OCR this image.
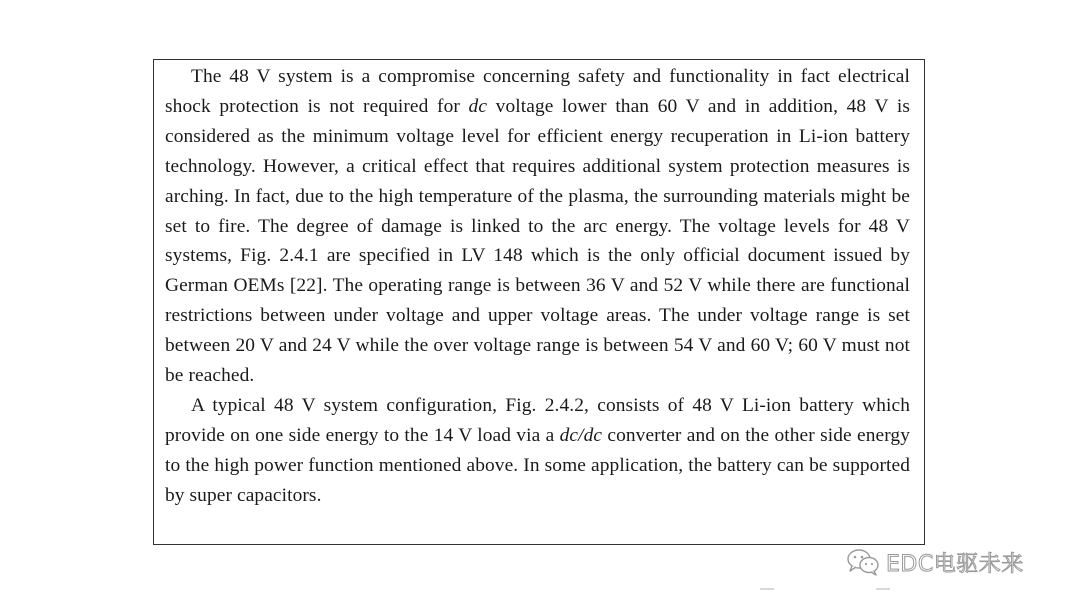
The 48 V system is a compromise concerning safety and functionality in fact electrical shock protection is not required for dc voltage lower than 60 V and in addition, 48 V is considered as the minimum voltage level for efficient energy recuperation in Li-ion battery technology. However, a critical effect that requires additional system protection measures is arching. In fact, due to the high temperature of the plasma, the surrounding materials might be set to fire. The degree of damage is linked to the arc energy. The voltage levels for 48 V systems, Fig. 2.4.1 are specified in LV 148 which is the only official document issued by German OEMs [22]. The operating range is between 36 V and 52 V while there are functional restrictions between under voltage and upper voltage areas. The under voltage range is set between 20 V and 24 V while the over voltage range is between 54 V and 60 V; 60 V must not be reached.

A typical 48 V system configuration, Fig. 2.4.2, consists of 48 V Li-ion battery which provide on one side energy to the 14 V load via a dc/dc converter and on the other side energy to the high power function mentioned above. In some application, the battery can be supported by super capacitors.

EDC电驱未来
